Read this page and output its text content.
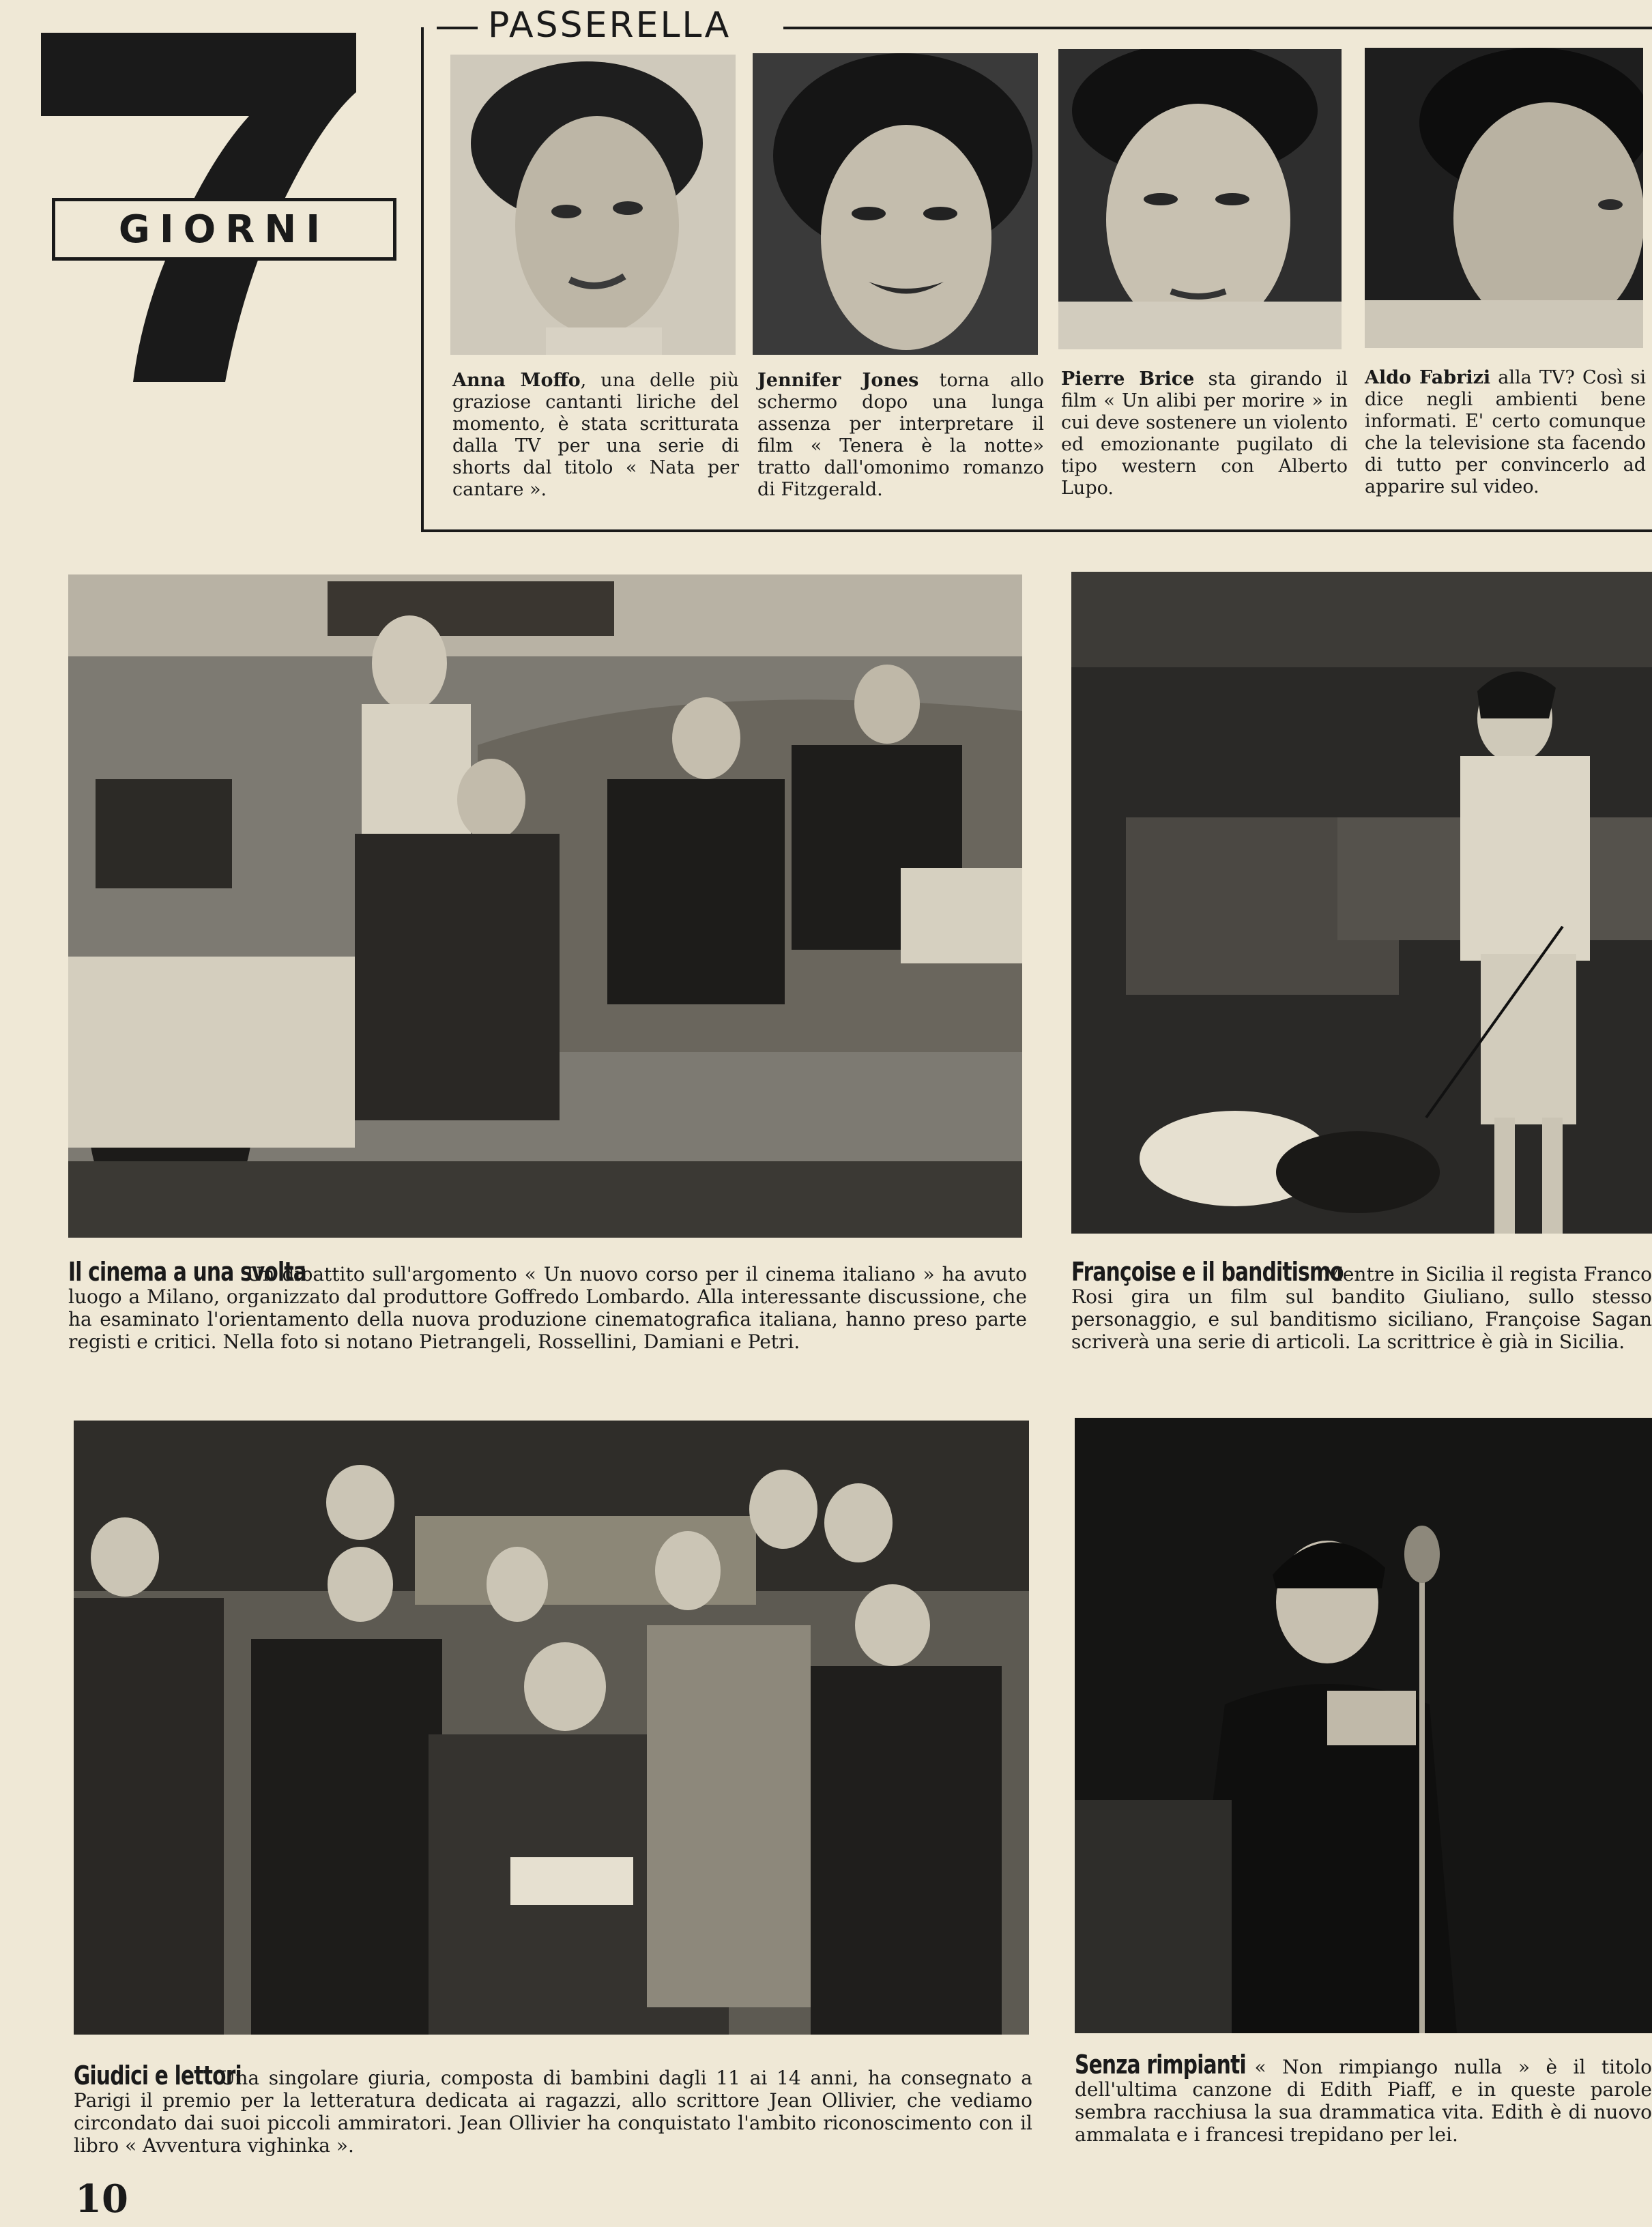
GIORNI
PASSERELLA
Anna Moffo, una delle più graziose cantanti liriche del momento, è stata scritturata dalla TV per una serie di shorts dal titolo « Nata per cantare ».
Jennifer Jones torna allo schermo dopo una lunga assenza per interpretare il film « Tenera è la notte» tratto dall'omonimo romanzo di Fitzgerald.
Pierre Brice sta girando il film « Un alibi per morire » in cui deve sostenere un violento ed emozionante pugilato di tipo western con Alberto Lupo.
Aldo Fabrizi alla TV? Così si dice negli ambienti bene informati. E' certo comunque che la televisione sta facendo di tutto per convincerlo ad apparire sul video.
Il cinema a una svolta Un dibattito sull'argomento « Un nuovo corso per il cinema italiano » ha avuto luogo a Milano, organizzato dal produttore Goffredo Lombardo. Alla interessante discussione, che ha esaminato l'orientamento della nuova produzione cinematografica italiana, hanno preso parte registi e critici. Nella foto si notano Pietrangeli, Rossellini, Damiani e Petri.
Françoise e il banditismo Mentre in Sicilia il regista Franco Rosi gira un film sul bandito Giuliano, sullo stesso personaggio, e sul banditismo siciliano, Françoise Sagan scriverà una serie di articoli. La scrittrice è già in Sicilia.
Giudici e lettori Una singolare giuria, composta di bambini dagli 11 ai 14 anni, ha consegnato a Parigi il premio per la letteratura dedicata ai ragazzi, allo scrittore Jean Ollivier, che vediamo circondato dai suoi piccoli ammiratori. Jean Ollivier ha conquistato l'ambito riconoscimento con il libro « Avventura vighinka ».
Senza rimpianti « Non rimpiango nulla » è il titolo dell'ultima canzone di Edith Piaff, e in queste parole sembra racchiusa la sua drammatica vita. Edith è di nuovo ammalata e i francesi trepidano per lei.
10
